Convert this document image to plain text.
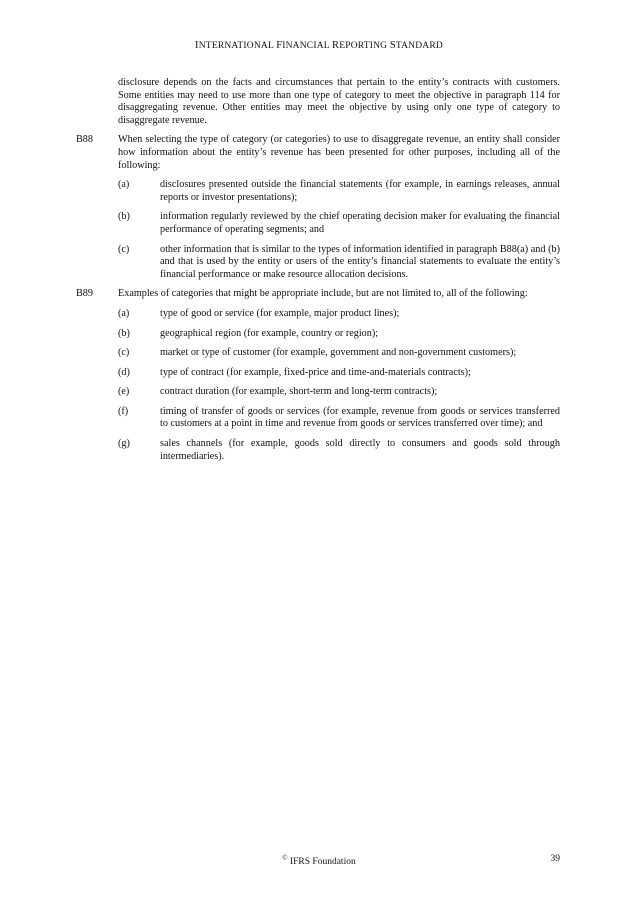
INTERNATIONAL FINANCIAL REPORTING STANDARD

disclosure depends on the facts and circumstances that pertain to the entity’s contracts with customers. Some entities may need to use more than one type of category to meet the objective in paragraph 114 for disaggregating revenue. Other entities may meet the objective by using only one type of category to disaggregate revenue.

B88 When selecting the type of category (or categories) to use to disaggregate revenue, an entity shall consider how information about the entity’s revenue has been presented for other purposes, including all of the following:

(a)	disclosures presented outside the financial statements (for example, in earnings releases, annual reports or investor presentations);
(b)	information regularly reviewed by the chief operating decision maker for evaluating the financial performance of operating segments; and
(c)	other information that is similar to the types of information identified in paragraph B88(a) and (b) and that is used by the entity or users of the entity’s financial statements to evaluate the entity’s financial performance or make resource allocation decisions.
B89 Examples of categories that might be appropriate include, but are not limited to, all of the following:

(a)	type of good or service (for example, major product lines);
(b)	geographical region (for example, country or region);
(c)	market or type of customer (for example, government and non-government customers);
(d)	type of contract (for example, fixed-price and time-and-materials contracts);
(e)	contract duration (for example, short-term and long-term contracts);
(f)	timing of transfer of goods or services (for example, revenue from goods or services transferred to customers at a point in time and revenue from goods or services transferred over time); and
(g)	sales channels (for example, goods sold directly to consumers and goods sold through intermediaries).
© IFRS Foundation	39
